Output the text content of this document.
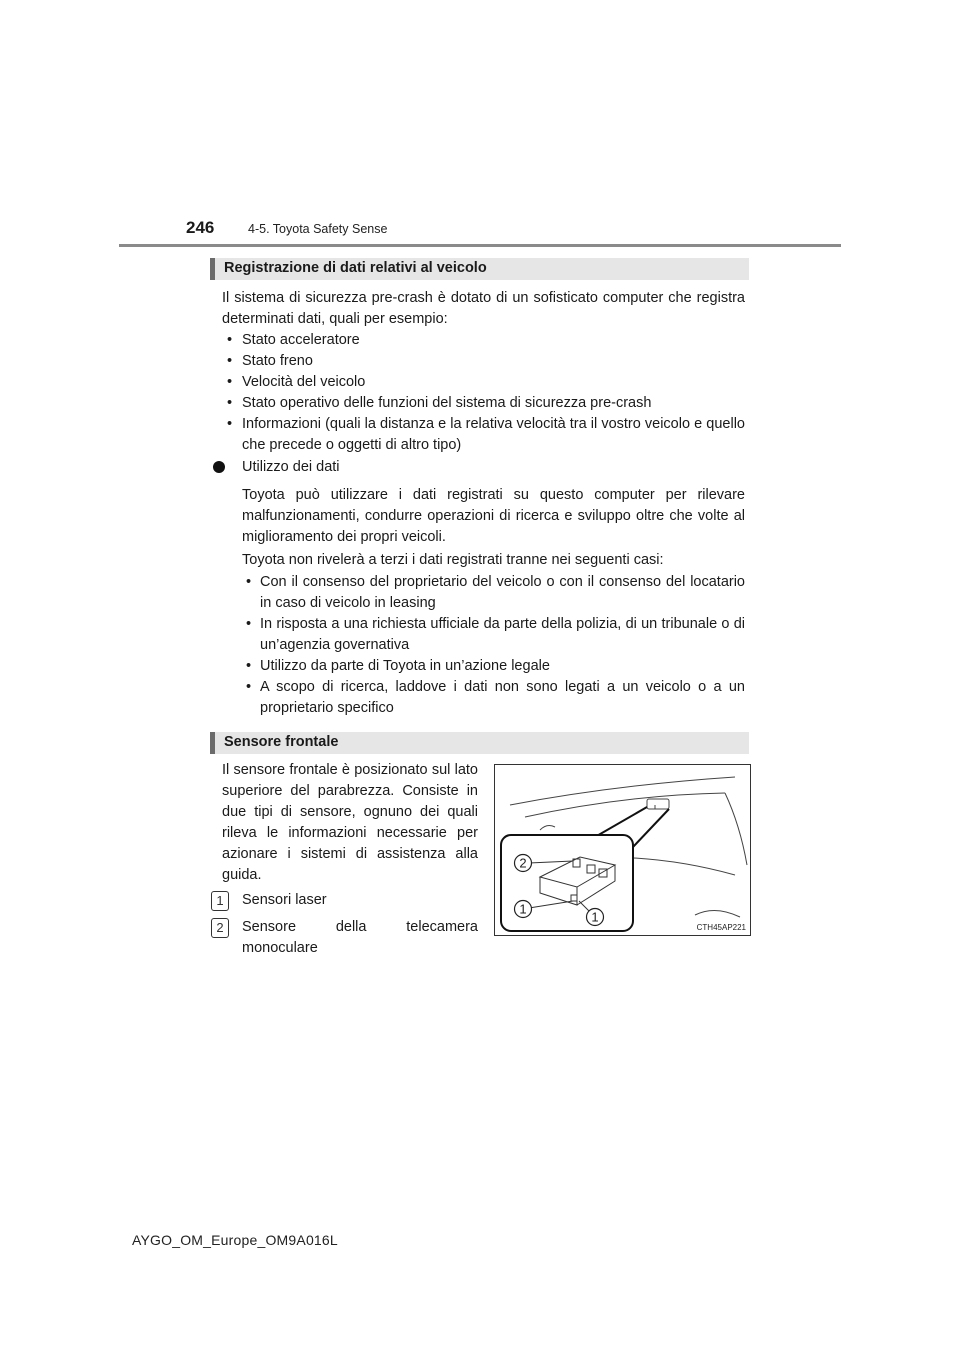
246	4-5. Toyota Safety Sense
Registrazione di dati relativi al veicolo
Il sistema di sicurezza pre-crash è dotato di un sofisticato computer che registra determinati dati, quali per esempio:
• Stato acceleratore
• Stato freno
• Velocità del veicolo
• Stato operativo delle funzioni del sistema di sicurezza pre-crash
• Informazioni (quali la distanza e la relativa velocità tra il vostro veicolo e quello che precede o oggetti di altro tipo)
Utilizzo dei dati
Toyota può utilizzare i dati registrati su questo computer per rilevare malfunzionamenti, condurre operazioni di ricerca e sviluppo oltre che volte al miglioramento dei propri veicoli.
Toyota non rivelerà a terzi i dati registrati tranne nei seguenti casi:
• Con il consenso del proprietario del veicolo o con il consenso del locatario in caso di veicolo in leasing
• In risposta a una richiesta ufficiale da parte della polizia, di un tribunale o di un’agenzia governativa
• Utilizzo da parte di Toyota in un’azione legale
• A scopo di ricerca, laddove i dati non sono legati a un veicolo o a un proprietario specifico
Sensore frontale
Il sensore frontale è posizionato sul lato superiore del parabrezza. Consiste in due tipi di sensore, ognuno dei quali rileva le informazioni necessarie per azionare i sistemi di assistenza alla guida.
1	Sensori laser
2	Sensore della telecamera monoculare
2
1
1
CTH45AP221
AYGO_OM_Europe_OM9A016L
